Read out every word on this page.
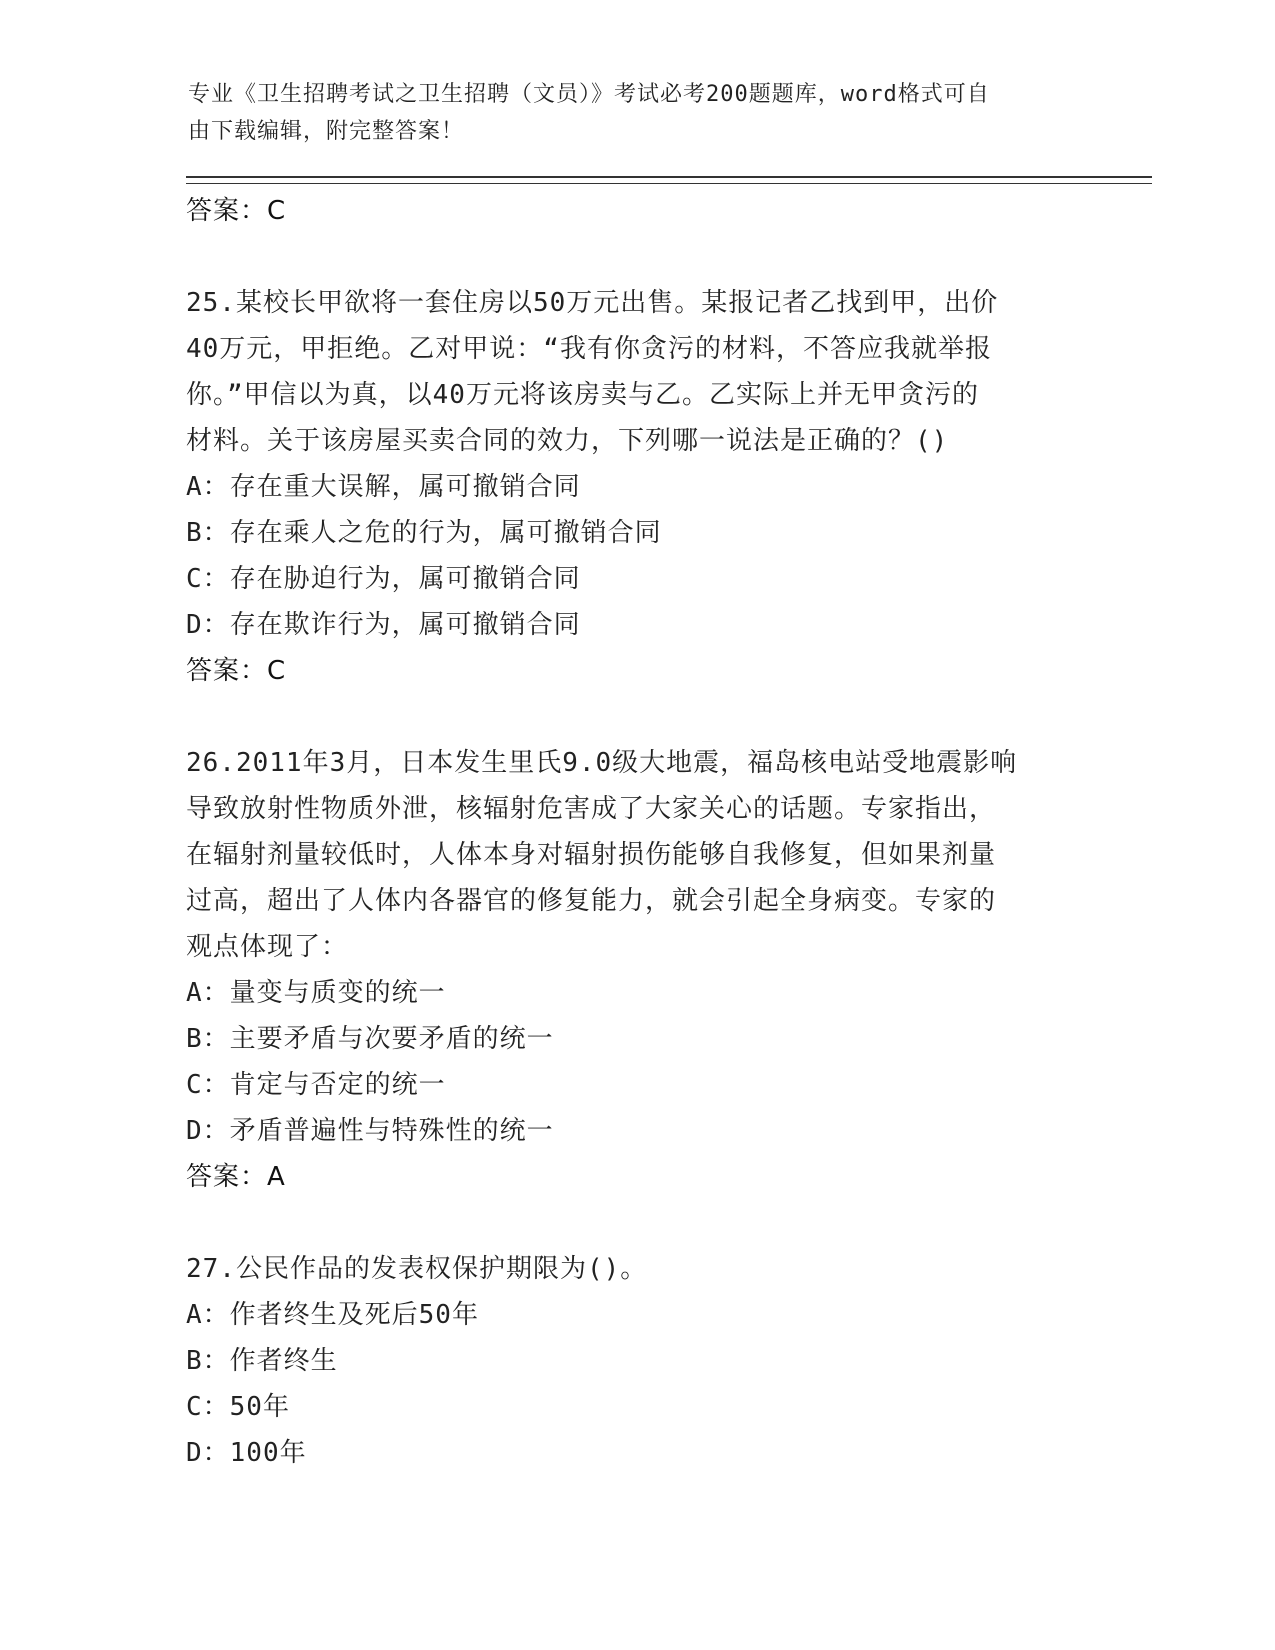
专业《卫生招聘考试之卫生招聘（文员）》考试必考200题题库，word格式可自
由下载编辑，附完整答案！
答案：C
25.某校长甲欲将一套住房以50万元出售。某报记者乙找到甲，出价
40万元，甲拒绝。乙对甲说：“我有你贪污的材料，不答应我就举报
你。”甲信以为真，以40万元将该房卖与乙。乙实际上并无甲贪污的
材料。关于该房屋买卖合同的效力，下列哪一说法是正确的？()
A：存在重大误解，属可撤销合同
B：存在乘人之危的行为，属可撤销合同
C：存在胁迫行为，属可撤销合同
D：存在欺诈行为，属可撤销合同
答案：C
26.2011年3月，日本发生里氏9.0级大地震，福岛核电站受地震影响
导致放射性物质外泄，核辐射危害成了大家关心的话题。专家指出，
在辐射剂量较低时，人体本身对辐射损伤能够自我修复，但如果剂量
过高，超出了人体内各器官的修复能力，就会引起全身病变。专家的
观点体现了：
A：量变与质变的统一
B：主要矛盾与次要矛盾的统一
C：肯定与否定的统一
D：矛盾普遍性与特殊性的统一
答案：A
27.公民作品的发表权保护期限为()。
A：作者终生及死后50年
B：作者终生
C：50年
D：100年
